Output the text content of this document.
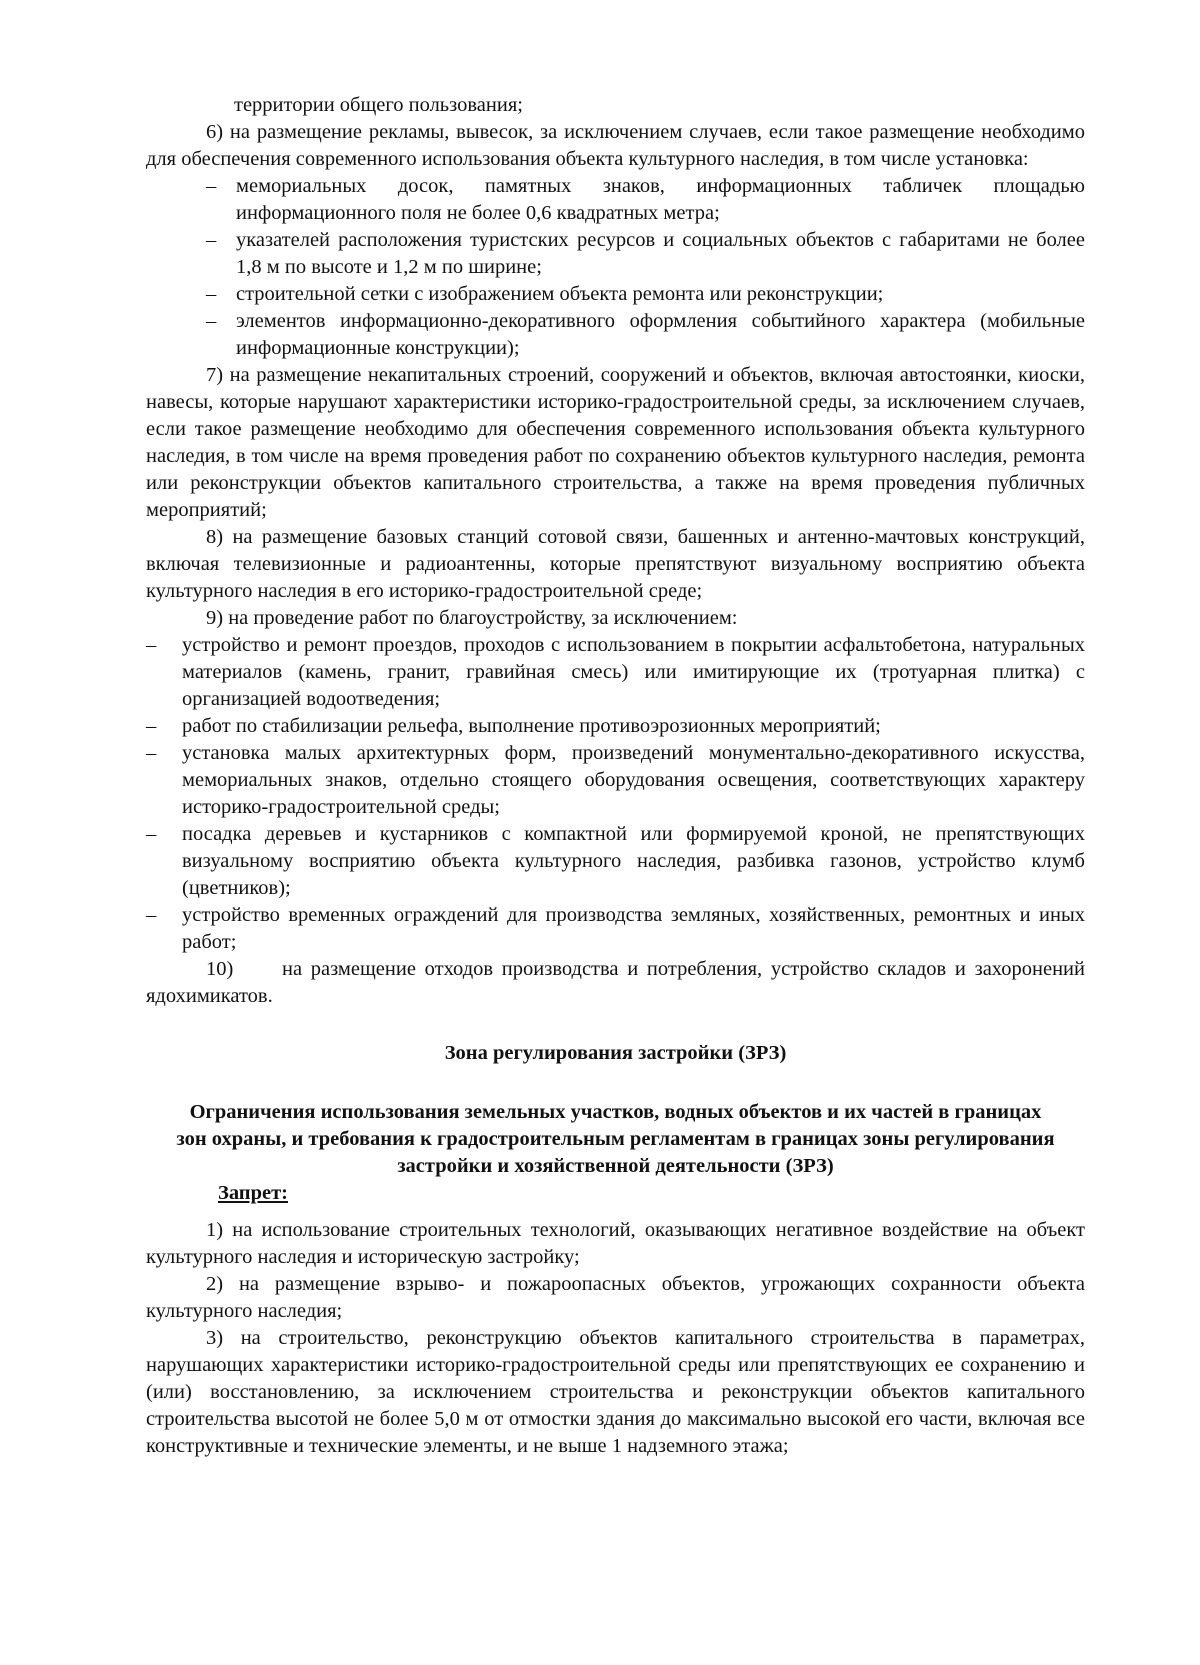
территории общего пользования;

6) на размещение рекламы, вывесок, за исключением случаев, если такое размещение необходимо для обеспечения современного использования объекта культурного наследия, в том числе установка:

– мемориальных досок, памятных знаков, информационных табличек площадью информационного поля не более 0,6 квадратных метра;

– указателей расположения туристских ресурсов и социальных объектов с габаритами не более 1,8 м по высоте и 1,2 м по ширине;

– строительной сетки с изображением объекта ремонта или реконструкции;

– элементов информационно-декоративного оформления событийного характера (мобильные информационные конструкции);

7) на размещение некапитальных строений, сооружений и объектов, включая автостоянки, киоски, навесы, которые нарушают характеристики историко-градостроительной среды, за исключением случаев, если такое размещение необходимо для обеспечения современного использования объекта культурного наследия, в том числе на время проведения работ по сохранению объектов культурного наследия, ремонта или реконструкции объектов капитального строительства, а также на время проведения публичных мероприятий;

8) на размещение базовых станций сотовой связи, башенных и антенно-мачтовых конструкций, включая телевизионные и радиоантенны, которые препятствуют визуальному восприятию объекта культурного наследия в его историко-градостроительной среде;

9) на проведение работ по благоустройству, за исключением:

– устройство и ремонт проездов, проходов с использованием в покрытии асфальтобетона, натуральных материалов (камень, гранит, гравийная смесь) или имитирующие их (тротуарная плитка) с организацией водоотведения;

– работ по стабилизации рельефа, выполнение противоэрозионных мероприятий;

– установка малых архитектурных форм, произведений монументально-декоративного искусства, мемориальных знаков, отдельно стоящего оборудования освещения, соответствующих характеру историко-градостроительной среды;

– посадка деревьев и кустарников с компактной или формируемой кроной, не препятствующих визуальному восприятию объекта культурного наследия, разбивка газонов, устройство клумб (цветников);

– устройство временных ограждений для производства земляных, хозяйственных, ремонтных и иных работ;

10) на размещение отходов производства и потребления, устройство складов и захоронений ядохимикатов.

Зона регулирования застройки (ЗРЗ)

Ограничения использования земельных участков, водных объектов и их частей в границах зон охраны, и требования к градостроительным регламентам в границах зоны регулирования застройки и хозяйственной деятельности (ЗРЗ)

Запрет:

1) на использование строительных технологий, оказывающих негативное воздействие на объект культурного наследия и историческую застройку;

2) на размещение взрыво- и пожароопасных объектов, угрожающих сохранности объекта культурного наследия;

3) на строительство, реконструкцию объектов капитального строительства в параметрах, нарушающих характеристики историко-градостроительной среды или препятствующих ее сохранению и (или) восстановлению, за исключением строительства и реконструкции объектов капитального строительства высотой не более 5,0 м от отмостки здания до максимально высокой его части, включая все конструктивные и технические элементы, и не выше 1 надземного этажа;
